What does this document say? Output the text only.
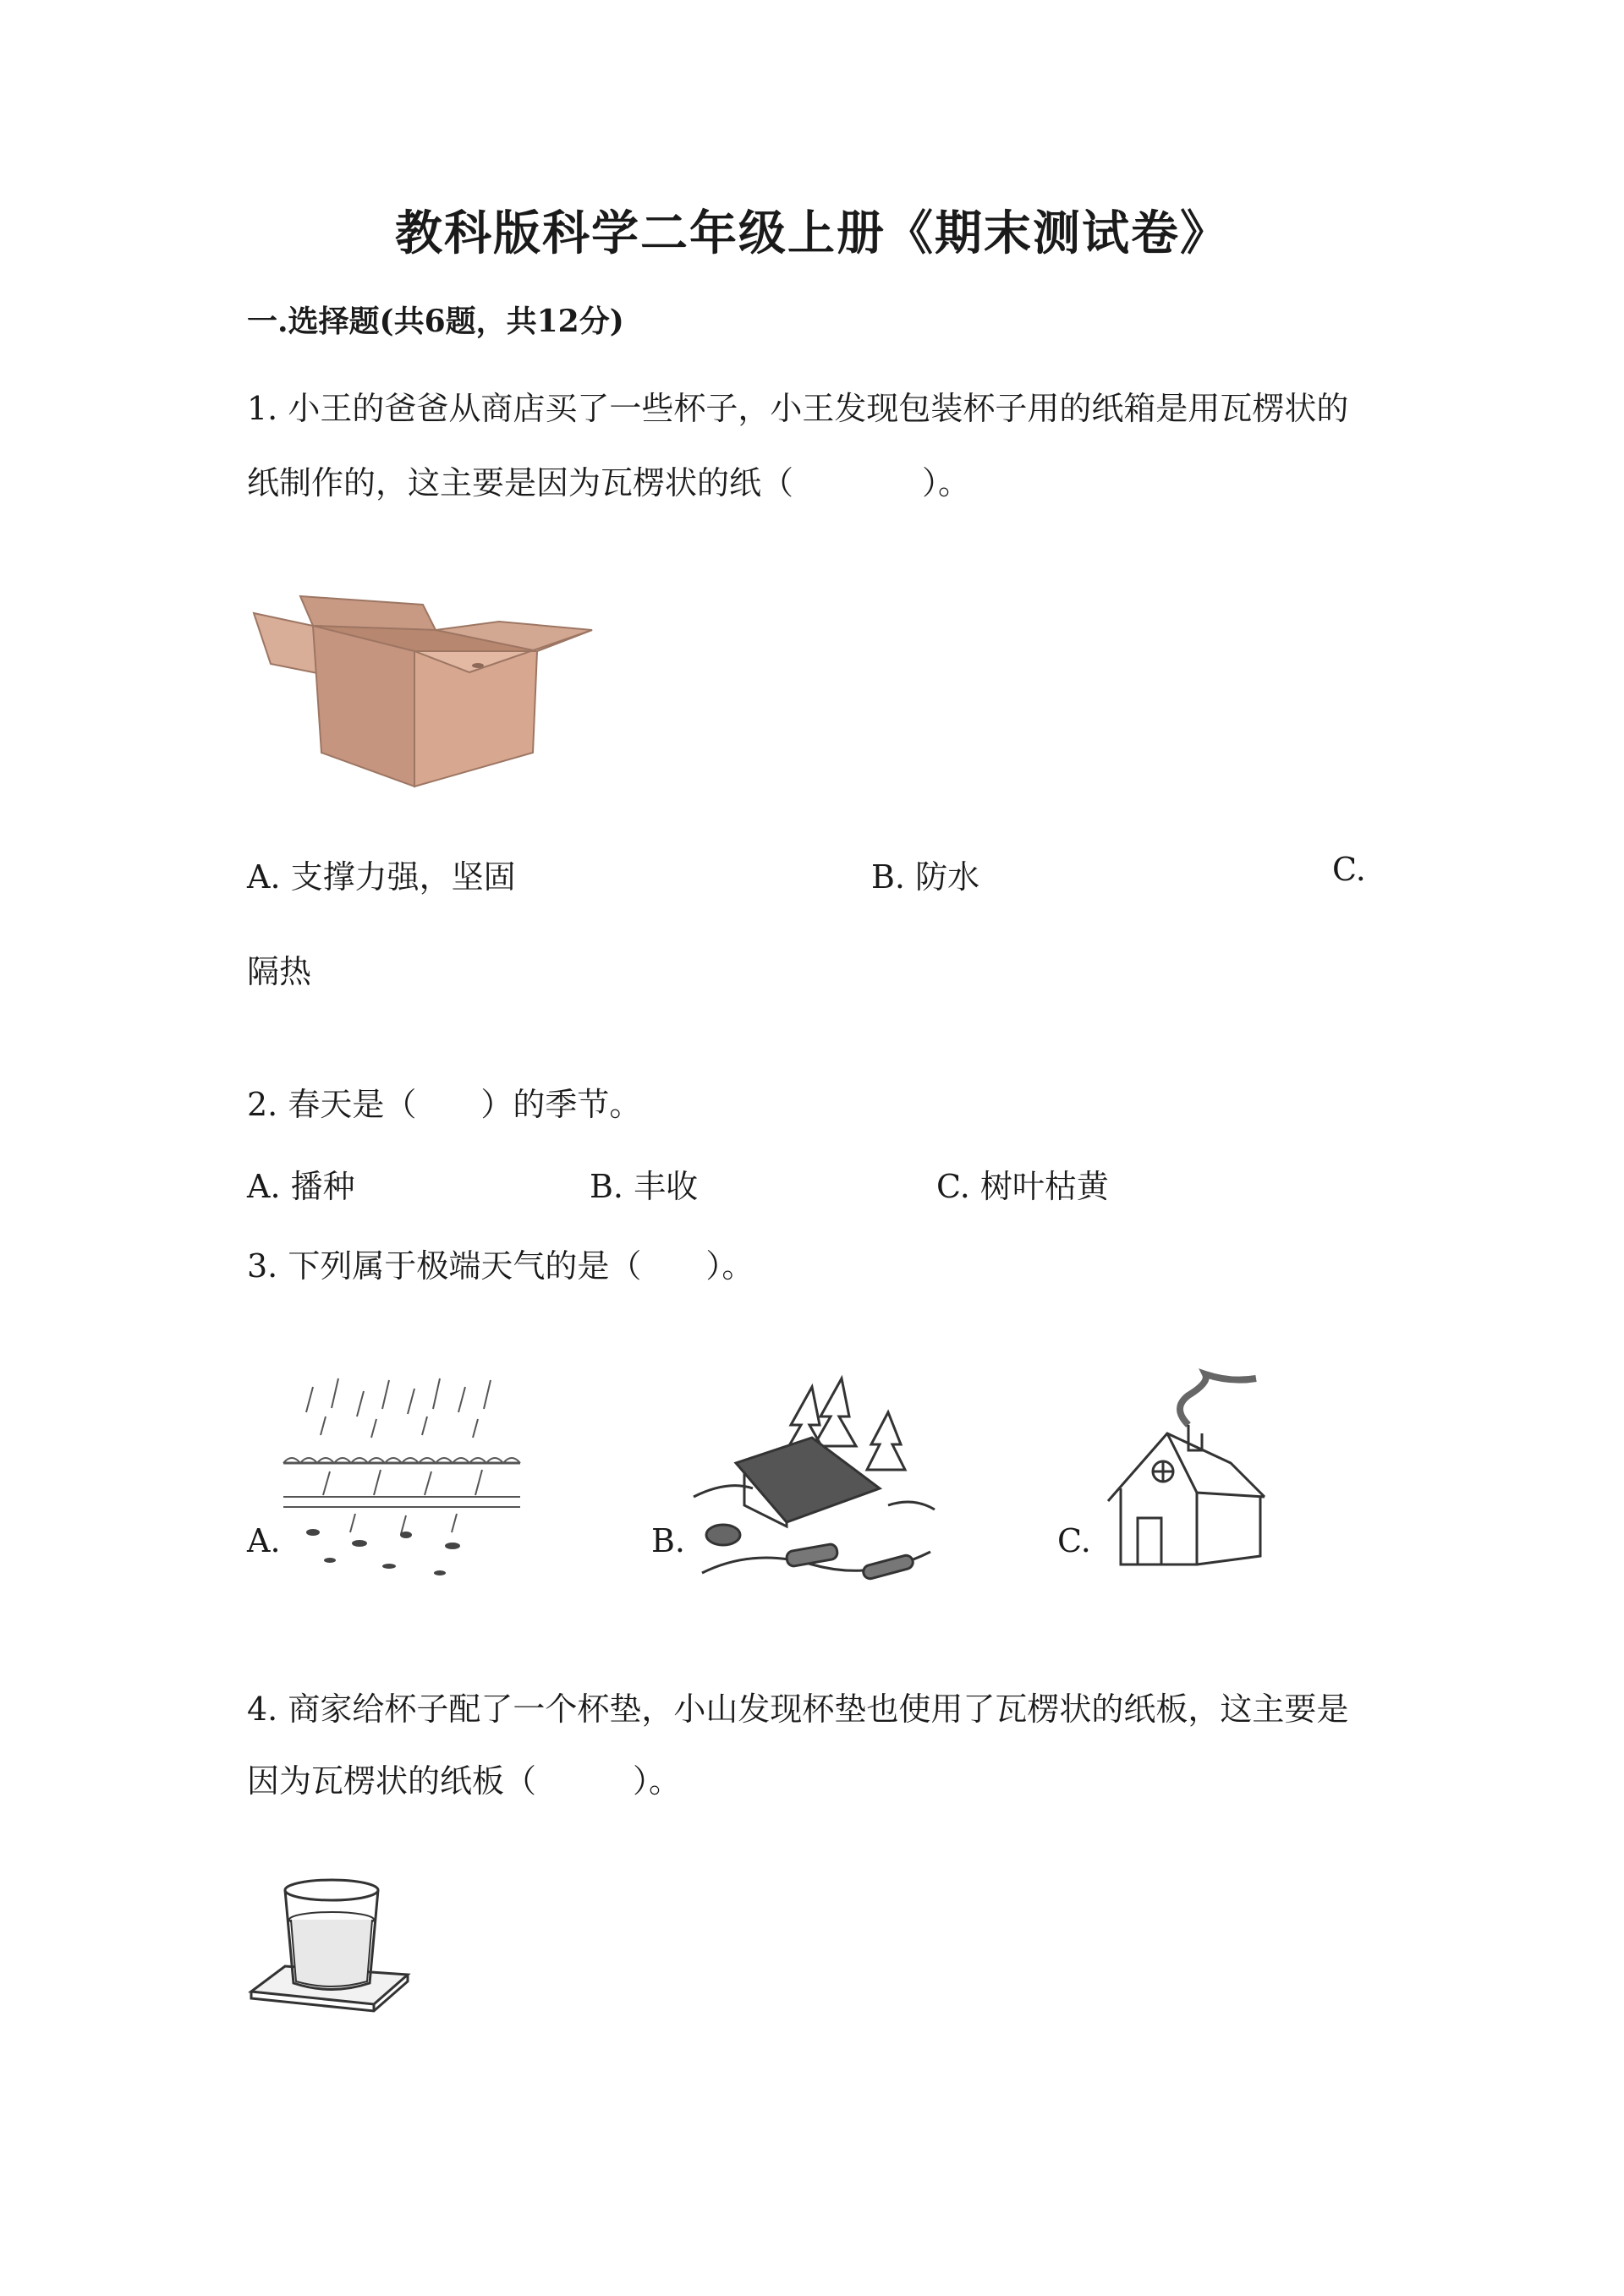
教科版科学二年级上册《期末测试卷》
一.选择题(共6题，共12分)
1. 小王的爸爸从商店买了一些杯子，小王发现包装杯子用的纸箱是用瓦楞状的
纸制作的，这主要是因为瓦楞状的纸（　　　　）。
A. 支撑力强，坚固	B. 防水	C.
隔热
2. 春天是（　　）的季节。
A. 播种	B. 丰收	C. 树叶枯黄
3. 下列属于极端天气的是（　　）。
A.	B.	C.
4. 商家给杯子配了一个杯垫，小山发现杯垫也使用了瓦楞状的纸板，这主要是
因为瓦楞状的纸板（　　　）。
